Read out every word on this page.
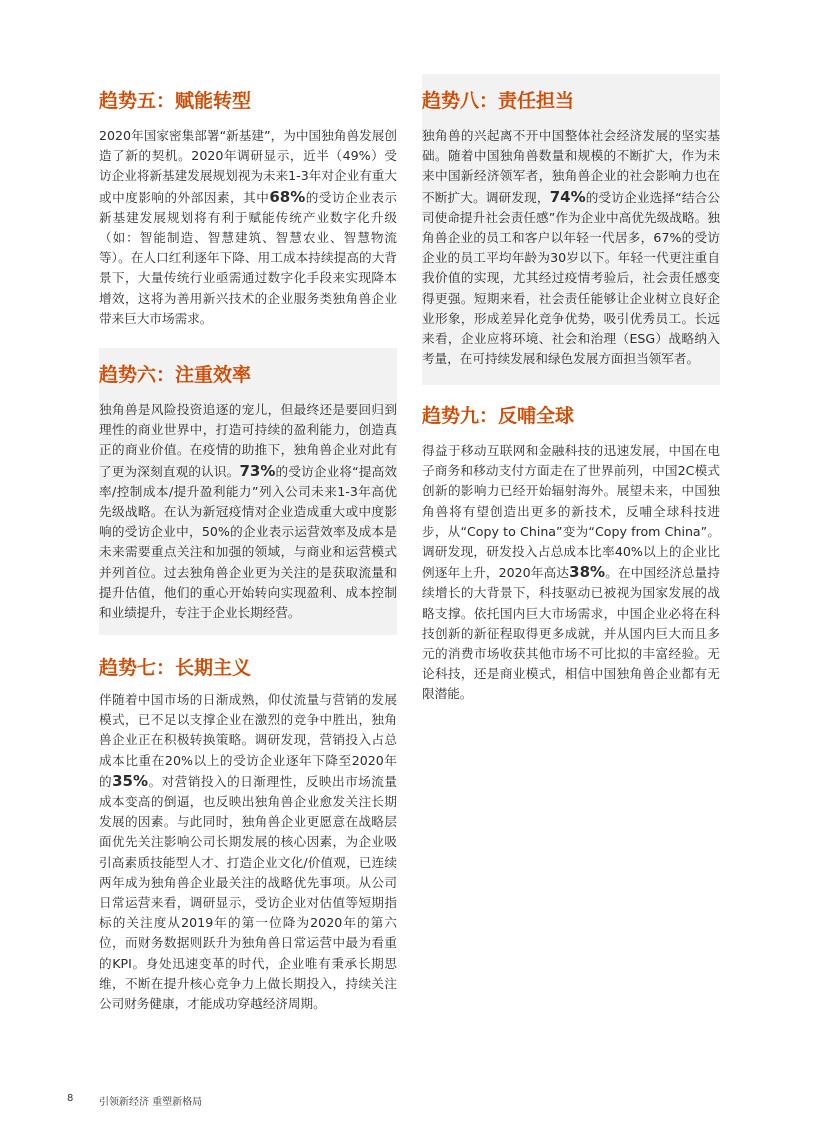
趋势五：赋能转型
2020年国家密集部署“新基建”，为中国独角兽发展创造了新的契机。2020年调研显示，近半（49%）受访企业将新基建发展规划视为未来1-3年对企业有重大或中度影响的外部因素，其中68%的受访企业表示新基建发展规划将有利于赋能传统产业数字化升级（如：智能制造、智慧建筑、智慧农业、智慧物流等）。在人口红利逐年下降、用工成本持续提高的大背景下，大量传统行业亟需通过数字化手段来实现降本增效，这将为善用新兴技术的企业服务类独角兽企业带来巨大市场需求。
趋势六：注重效率
独角兽是风险投资追逐的宠儿，但最终还是要回归到理性的商业世界中，打造可持续的盈利能力，创造真正的商业价值。在疫情的助推下，独角兽企业对此有了更为深刻直观的认识。73%的受访企业将“提高效率/控制成本/提升盈利能力”列入公司未来1-3年高优先级战略。在认为新冠疫情对企业造成重大或中度影响的受访企业中，50%的企业表示运营效率及成本是未来需要重点关注和加强的领域，与商业和运营模式并列首位。过去独角兽企业更为关注的是获取流量和提升估值，他们的重心开始转向实现盈利、成本控制和业绩提升，专注于企业长期经营。
趋势七：长期主义
伴随着中国市场的日渐成熟，仰仗流量与营销的发展模式，已不足以支撑企业在激烈的竞争中胜出，独角兽企业正在积极转换策略。调研发现，营销投入占总成本比重在20%以上的受访企业逐年下降至2020年的35%。对营销投入的日渐理性，反映出市场流量成本变高的倒逼，也反映出独角兽企业愈发关注长期发展的因素。与此同时，独角兽企业更愿意在战略层面优先关注影响公司长期发展的核心因素，为企业吸引高素质技能型人才、打造企业文化/价值观，已连续两年成为独角兽企业最关注的战略优先事项。从公司日常运营来看，调研显示，受访企业对估值等短期指标的关注度从2019年的第一位降为2020年的第六位，而财务数据则跃升为独角兽日常运营中最为看重的KPI。身处迅速变革的时代，企业唯有秉承长期思维，不断在提升核心竞争力上做长期投入，持续关注公司财务健康，才能成功穿越经济周期。
趋势八：责任担当
独角兽的兴起离不开中国整体社会经济发展的坚实基础。随着中国独角兽数量和规模的不断扩大，作为未来中国新经济领军者，独角兽企业的社会影响力也在不断扩大。调研发现，74%的受访企业选择“结合公司使命提升社会责任感”作为企业中高优先级战略。独角兽企业的员工和客户以年轻一代居多，67%的受访企业的员工平均年龄为30岁以下。年轻一代更注重自我价值的实现，尤其经过疫情考验后，社会责任感变得更强。短期来看，社会责任能够让企业树立良好企业形象，形成差异化竞争优势，吸引优秀员工。长远来看，企业应将环境、社会和治理（ESG）战略纳入考量，在可持续发展和绿色发展方面担当领军者。
趋势九：反哺全球
得益于移动互联网和金融科技的迅速发展，中国在电子商务和移动支付方面走在了世界前列，中国2C模式创新的影响力已经开始辐射海外。展望未来，中国独角兽将有望创造出更多的新技术，反哺全球科技进步，从“Copy to China”变为“Copy from China”。调研发现，研发投入占总成本比率40%以上的企业比例逐年上升，2020年高达38%。在中国经济总量持续增长的大背景下，科技驱动已被视为国家发展的战略支撑。依托国内巨大市场需求，中国企业必将在科技创新的新征程取得更多成就，并从国内巨大而且多元的消费市场收获其他市场不可比拟的丰富经验。无论科技，还是商业模式，相信中国独角兽企业都有无限潜能。
8	引领新经济 重塑新格局
